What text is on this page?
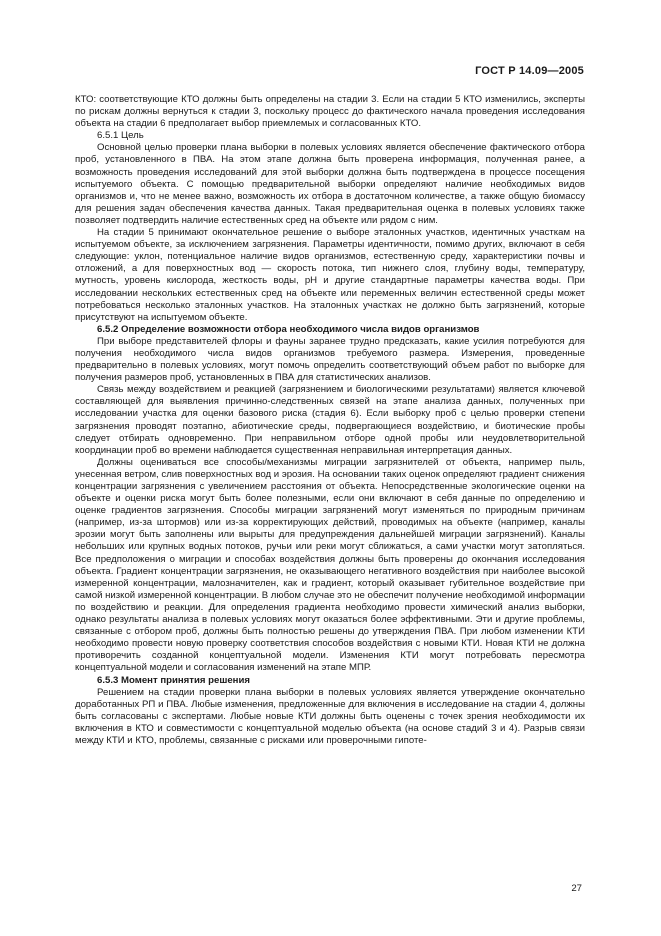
ГОСТ Р 14.09—2005

КТО: соответствующие КТО должны быть определены на стадии 3. Если на стадии 5 КТО изменились, эксперты по рискам должны вернуться к стадии 3, поскольку процесс до фактического начала проведения исследования объекта на стадии 6 предполагает выбор приемлемых и согласованных КТО.

6.5.1 Цель

Основной целью проверки плана выборки в полевых условиях является обеспечение фактического отбора проб, установленного в ПВА. На этом этапе должна быть проверена информация, полученная ранее, а возможность проведения исследований для этой выборки должна быть подтверждена в процессе посещения испытуемого объекта. С помощью предварительной выборки определяют наличие необходимых видов организмов и, что не менее важно, возможность их отбора в достаточном количестве, а также общую биомассу для решения задач обеспечения качества данных. Такая предварительная оценка в полевых условиях также позволяет подтвердить наличие естественных сред на объекте или рядом с ним.

На стадии 5 принимают окончательное решение о выборе эталонных участков, идентичных участкам на испытуемом объекте, за исключением загрязнения. Параметры идентичности, помимо других, включают в себя следующие: уклон, потенциальное наличие видов организмов, естественную среду, характеристики почвы и отложений, а для поверхностных вод — скорость потока, тип нижнего слоя, глубину воды, температуру, мутность, уровень кислорода, жесткость воды, pH и другие стандартные параметры качества воды. При исследовании нескольких естественных сред на объекте или переменных величин естественной среды может потребоваться несколько эталонных участков. На эталонных участках не должно быть загрязнений, которые присутствуют на испытуемом объекте.

6.5.2 Определение возможности отбора необходимого числа видов организмов

При выборе представителей флоры и фауны заранее трудно предсказать, какие усилия потребуются для получения необходимого числа видов организмов требуемого размера. Измерения, проведенные предварительно в полевых условиях, могут помочь определить соответствующий объем работ по выборке для получения размеров проб, установленных в ПВА для статистических анализов.

Связь между воздействием и реакцией (загрязнением и биологическими результатами) является ключевой составляющей для выявления причинно-следственных связей на этапе анализа данных, полученных при исследовании участка для оценки базового риска (стадия 6). Если выборку проб с целью проверки степени загрязнения проводят поэтапно, абиотические среды, подвергающиеся воздействию, и биотические пробы следует отбирать одновременно. При неправильном отборе одной пробы или неудовлетворительной координации проб во времени наблюдается существенная неправильная интерпретация данных.

Должны оцениваться все способы/механизмы миграции загрязнителей от объекта, например пыль, унесенная ветром, слив поверхностных вод и эрозия. На основании таких оценок определяют градиент снижения концентрации загрязнения с увеличением расстояния от объекта. Непосредственные экологические оценки на объекте и оценки риска могут быть более полезными, если они включают в себя данные по определению и оценке градиентов загрязнения. Способы миграции загрязнений могут изменяться по природным причинам (например, из-за штормов) или из-за корректирующих действий, проводимых на объекте (например, каналы эрозии могут быть заполнены или вырыты для предупреждения дальнейшей миграции загрязнений). Каналы небольших или крупных водных потоков, ручьи или реки могут сближаться, а сами участки могут затопляться. Все предположения о миграции и способах воздействия должны быть проверены до окончания исследования объекта. Градиент концентрации загрязнения, не оказывающего негативного воздействия при наиболее высокой измеренной концентрации, малозначителен, как и градиент, который оказывает губительное воздействие при самой низкой измеренной концентрации. В любом случае это не обеспечит получение необходимой информации по воздействию и реакции. Для определения градиента необходимо провести химический анализ выборки, однако результаты анализа в полевых условиях могут оказаться более эффективными. Эти и другие проблемы, связанные с отбором проб, должны быть полностью решены до утверждения ПВА. При любом изменении КТИ необходимо провести новую проверку соответствия способов воздействия с новыми КТИ. Новая КТИ не должна противоречить созданной концептуальной модели. Изменения КТИ могут потребовать пересмотра концептуальной модели и согласования изменений на этапе МПР.

6.5.3 Момент принятия решения

Решением на стадии проверки плана выборки в полевых условиях является утверждение окончательно доработанных РП и ПВА. Любые изменения, предложенные для включения в исследование на стадии 4, должны быть согласованы с экспертами. Любые новые КТИ должны быть оценены с точек зрения необходимости их включения в КТО и совместимости с концептуальной моделью объекта (на основе стадий 3 и 4). Разрыв связи между КТИ и КТО, проблемы, связанные с рисками или проверочными гипоте-

27
